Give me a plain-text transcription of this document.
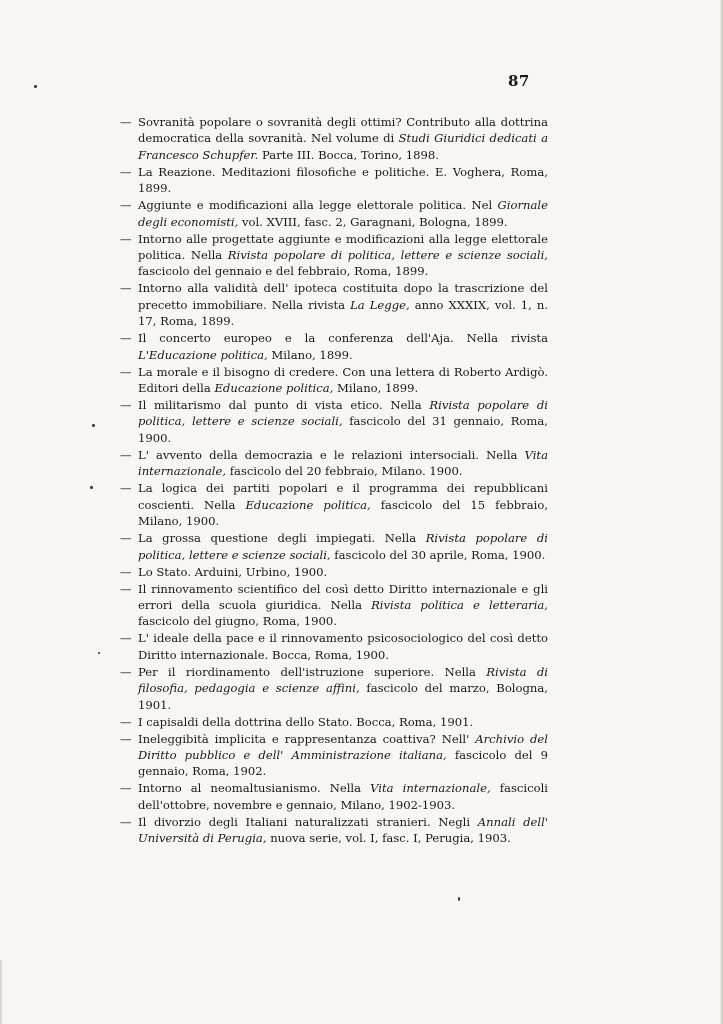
87
— Sovranità popolare o sovranità degli ottimi? Contributo alla dottrina democratica della sovranità. Nel volume di Studi Giuridici dedicati a Francesco Schupfer. Parte III. Bocca, Torino, 1898.
— La Reazione. Meditazioni filosofiche e politiche. E. Voghera, Roma, 1899.
— Aggiunte e modificazioni alla legge elettorale politica. Nel Giornale degli economisti, vol. XVIII, fasc. 2, Garagnani, Bologna, 1899.
— Intorno alle progettate aggiunte e modificazioni alla legge elettorale politica. Nella Rivista popolare di politica, lettere e scienze sociali, fascicolo del gennaio e del febbraio, Roma, 1899.
— Intorno alla validità dell' ipoteca costituita dopo la trascrizione del precetto immobiliare. Nella rivista La Legge, anno XXXIX, vol. 1, n. 17, Roma, 1899.
— Il concerto europeo e la conferenza dell'Aja. Nella rivista L'Educazione politica, Milano, 1899.
— La morale e il bisogno di credere. Con una lettera di Roberto Ardigò. Editori della Educazione politica, Milano, 1899.
— Il militarismo dal punto di vista etico. Nella Rivista popolare di politica, lettere e scienze sociali, fascicolo del 31 gennaio, Roma, 1900.
— L' avvento della democrazia e le relazioni intersociali. Nella Vita internazionale, fascicolo del 20 febbraio, Milano. 1900.
— La logica dei partiti popolari e il programma dei repubblicani coscienti. Nella Educazione politica, fascicolo del 15 febbraio, Milano, 1900.
— La grossa questione degli impiegati. Nella Rivista popolare di politica, lettere e scienze sociali, fascicolo del 30 aprile, Roma, 1900.
— Lo Stato. Arduini, Urbino, 1900.
— Il rinnovamento scientifico del così detto Diritto internazionale e gli errori della scuola giuridica. Nella Rivista politica e letteraria, fascicolo del giugno, Roma, 1900.
— L' ideale della pace e il rinnovamento psicosociologico del così detto Diritto internazionale. Bocca, Roma, 1900.
— Per il riordinamento dell'istruzione superiore. Nella Rivista di filosofia, pedagogia e scienze affini, fascicolo del marzo, Bologna, 1901.
— I capisaldi della dottrina dello Stato. Bocca, Roma, 1901.
— Ineleggibità implicita e rappresentanza coattiva? Nell' Archivio del Diritto pubblico e dell' Amministrazione italiana, fascicolo del 9 gennaio, Roma, 1902.
— Intorno al neomaltusianismo. Nella Vita internazionale, fascicoli dell'ottobre, novembre e gennaio, Milano, 1902-1903.
— Il divorzio degli Italiani naturalizzati stranieri. Negli Annali dell' Università di Perugia, nuova serie, vol. I, fasc. I, Perugia, 1903.
